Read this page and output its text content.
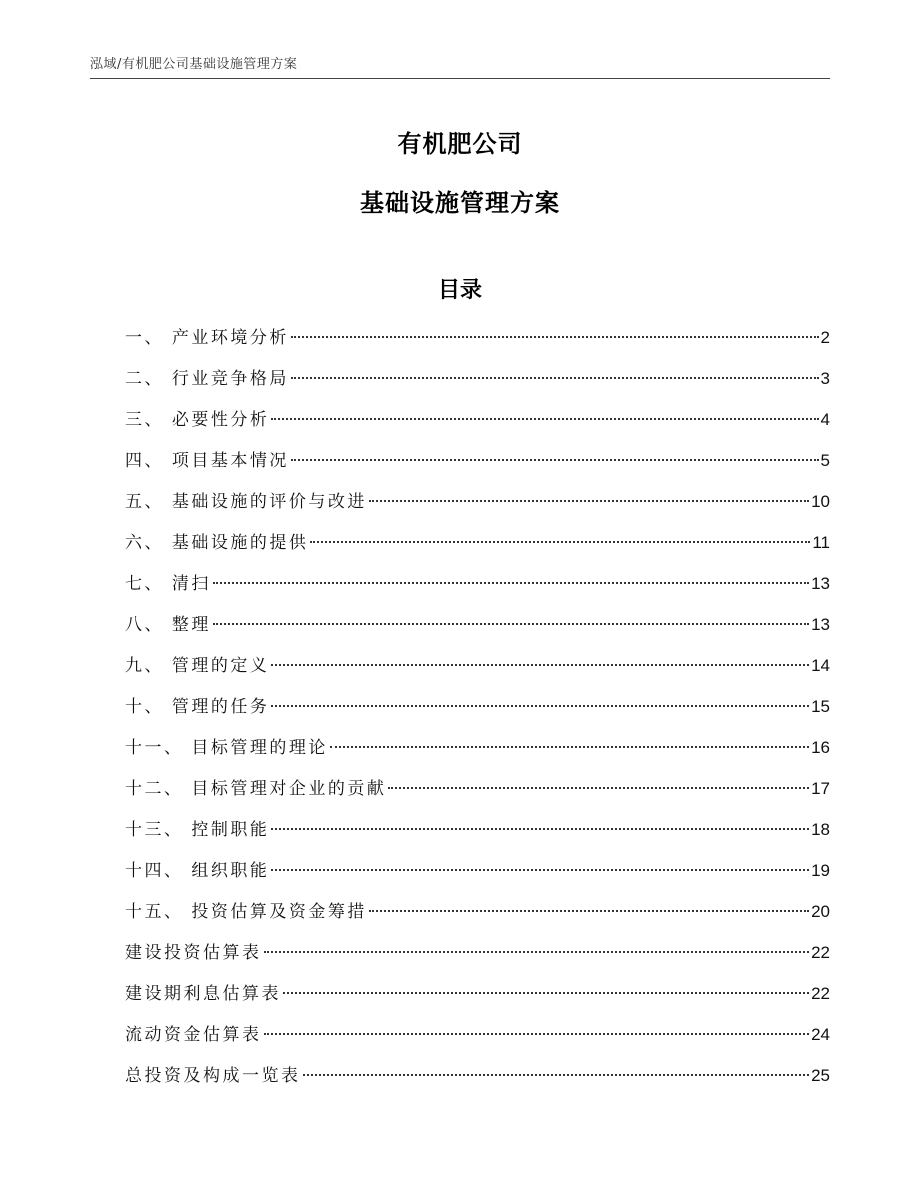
泓域/有机肥公司基础设施管理方案
有机肥公司
基础设施管理方案
目录
一、 产业环境分析	2
二、 行业竞争格局	3
三、 必要性分析	4
四、 项目基本情况	5
五、 基础设施的评价与改进	10
六、 基础设施的提供	11
七、 清扫	13
八、 整理	13
九、 管理的定义	14
十、 管理的任务	15
十一、 目标管理的理论	16
十二、 目标管理对企业的贡献	17
十三、 控制职能	18
十四、 组织职能	19
十五、 投资估算及资金筹措	20
建设投资估算表	22
建设期利息估算表	22
流动资金估算表	24
总投资及构成一览表	25
